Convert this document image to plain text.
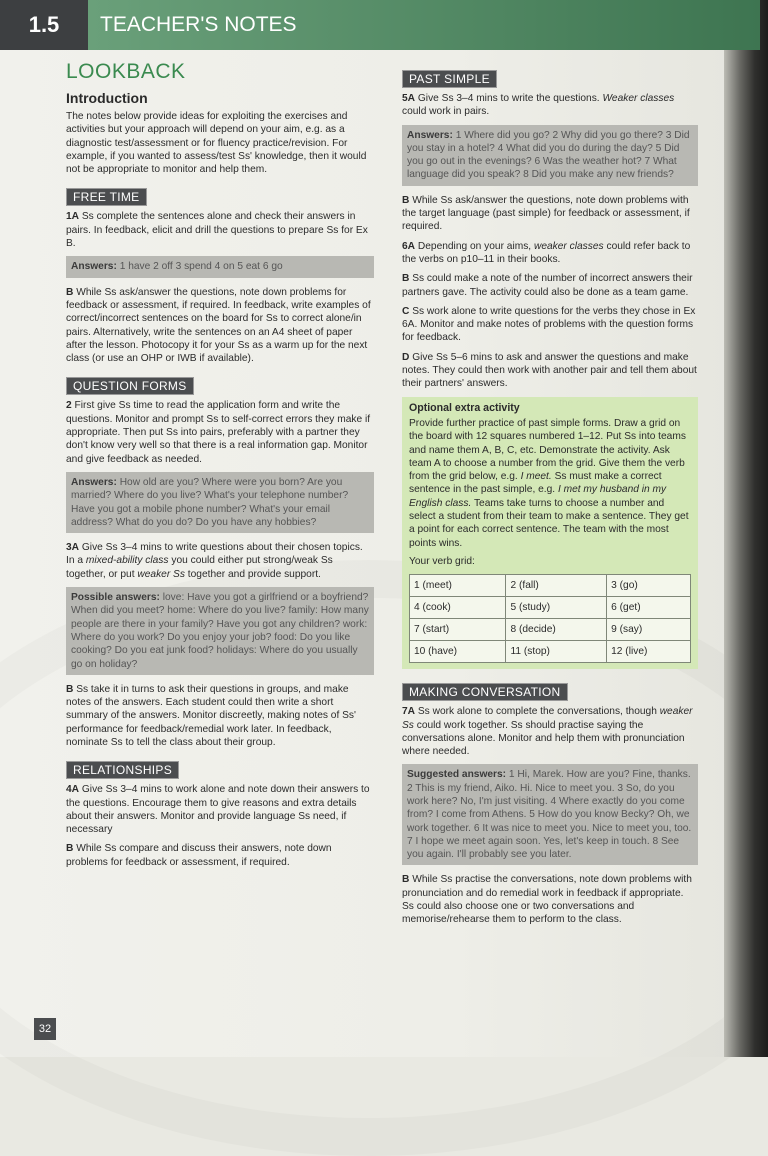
1.5	TEACHER'S NOTES
LOOKBACK
Introduction

The notes below provide ideas for exploiting the exercises and activities but your approach will depend on your aim, e.g. as a diagnostic test/assessment or for fluency practice/revision. For example, if you wanted to assess/test Ss' knowledge, then it would not be appropriate to monitor and help them.

FREE TIME

1A Ss complete the sentences alone and check their answers in pairs. In feedback, elicit and drill the questions to prepare Ss for Ex B.

Answers: 1 have 2 off 3 spend 4 on 5 eat 6 go

B While Ss ask/answer the questions, note down problems for feedback or assessment, if required. In feedback, write examples of correct/incorrect sentences on the board for Ss to correct alone/in pairs. Alternatively, write the sentences on an A4 sheet of paper after the lesson. Photocopy it for your Ss as a warm up for the next class (or use an OHP or IWB if available).

QUESTION FORMS

2 First give Ss time to read the application form and write the questions. Monitor and prompt Ss to self-correct errors they make if appropriate. Then put Ss into pairs, preferably with a partner they don't know very well so that there is a real information gap. Monitor and give feedback as needed.

Answers: How old are you? Where were you born? Are you married? Where do you live? What's your telephone number? Have you got a mobile phone number? What's your email address? What do you do? Do you have any hobbies?

3A Give Ss 3–4 mins to write questions about their chosen topics. In a mixed-ability class you could either put strong/weak Ss together, or put weaker Ss together and provide support.

Possible answers: love: Have you got a girlfriend or a boyfriend? When did you meet? home: Where do you live? family: How many people are there in your family? Have you got any children? work: Where do you work? Do you enjoy your job? food: Do you like cooking? Do you eat junk food? holidays: Where do you usually go on holiday?

B Ss take it in turns to ask their questions in groups, and make notes of the answers. Each student could then write a short summary of the answers. Monitor discreetly, making notes of Ss' performance for feedback/remedial work later. In feedback, nominate Ss to tell the class about their group.

RELATIONSHIPS

4A Give Ss 3–4 mins to work alone and note down their answers to the questions. Encourage them to give reasons and extra details about their answers. Monitor and provide language Ss need, if necessary

B While Ss compare and discuss their answers, note down problems for feedback or assessment, if required.

PAST SIMPLE

5A Give Ss 3–4 mins to write the questions. Weaker classes could work in pairs.

Answers: 1 Where did you go? 2 Why did you go there? 3 Did you stay in a hotel? 4 What did you do during the day? 5 Did you go out in the evenings? 6 Was the weather hot? 7 What language did you speak? 8 Did you make any new friends?

B While Ss ask/answer the questions, note down problems with the target language (past simple) for feedback or assessment, if required.

6A Depending on your aims, weaker classes could refer back to the verbs on p10–11 in their books.

B Ss could make a note of the number of incorrect answers their partners gave. The activity could also be done as a team game.

C Ss work alone to write questions for the verbs they chose in Ex 6A. Monitor and make notes of problems with the question forms for feedback.

D Give Ss 5–6 mins to ask and answer the questions and make notes. They could then work with another pair and tell them about their partners' answers.

Optional extra activity
Provide further practice of past simple forms. Draw a grid on the board with 12 squares numbered 1–12. Put Ss into teams and name them A, B, C, etc. Demonstrate the activity. Ask team A to choose a number from the grid. Give them the verb from the grid below, e.g. I meet. Ss must make a correct sentence in the past simple, e.g. I met my husband in my English class. Teams take turns to choose a number and select a student from their team to make a sentence. They get a point for each correct sentence. The team with the most points wins.
Your verb grid:
1 (meet)	2 (fall)	3 (go)
4 (cook)	5 (study)	6 (get)
7 (start)	8 (decide)	9 (say)
10 (have)	11 (stop)	12 (live)
MAKING CONVERSATION

7A Ss work alone to complete the conversations, though weaker Ss could work together. Ss should practise saying the conversations alone. Monitor and help them with pronunciation where needed.

Suggested answers: 1 Hi, Marek. How are you? Fine, thanks. 2 This is my friend, Aiko. Hi. Nice to meet you. 3 So, do you work here? No, I'm just visiting. 4 Where exactly do you come from? I come from Athens. 5 How do you know Becky? Oh, we work together. 6 It was nice to meet you. Nice to meet you, too. 7 I hope we meet again soon. Yes, let's keep in touch. 8 See you again. I'll probably see you later.

B While Ss practise the conversations, note down problems with pronunciation and do remedial work in feedback if appropriate. Ss could also choose one or two conversations and memorise/rehearse them to perform to the class.

32
